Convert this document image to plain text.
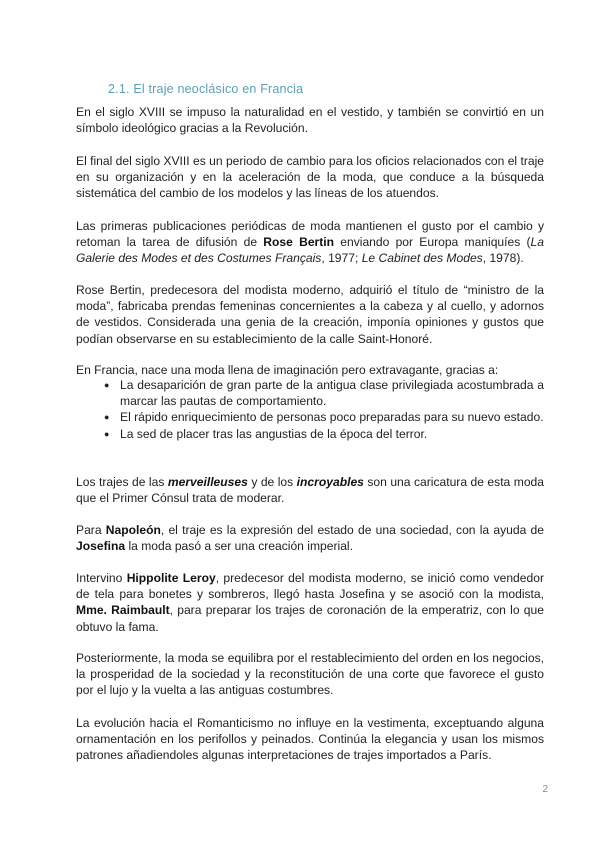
2.1. El traje neoclásico en Francia

En el siglo XVIII se impuso la naturalidad en el vestido, y también se convirtió en un símbolo ideológico gracias a la Revolución.

El final del siglo XVIII es un periodo de cambio para los oficios relacionados con el traje en su organización y en la aceleración de la moda, que conduce a la búsqueda sistemática del cambio de los modelos y las líneas de los atuendos.

Las primeras publicaciones periódicas de moda mantienen el gusto por el cambio y retoman la tarea de difusión de Rose Bertin enviando por Europa maniquíes (La Galerie des Modes et des Costumes Français, 1977; Le Cabinet des Modes, 1978).

Rose Bertin, predecesora del modista moderno, adquirió el título de “ministro de la moda”, fabricaba prendas femeninas concernientes a la cabeza y al cuello, y adornos de vestidos. Considerada una genia de la creación, imponía opiniones y gustos que podían observarse en su establecimiento de la calle Saint-Honoré.

En Francia, nace una moda llena de imaginación pero extravagante, gracias a:

● La desaparición de gran parte de la antigua clase privilegiada acostumbrada a marcar las pautas de comportamiento.
● El rápido enriquecimiento de personas poco preparadas para su nuevo estado.
● La sed de placer tras las angustias de la época del terror.

Los trajes de las merveilleuses y de los incroyables son una caricatura de esta moda que el Primer Cónsul trata de moderar.

Para Napoleón, el traje es la expresión del estado de una sociedad, con la ayuda de Josefina la moda pasó a ser una creación imperial.

Intervino Hippolite Leroy, predecesor del modista moderno, se inició como vendedor de tela para bonetes y sombreros, llegó hasta Josefina y se asoció con la modista, Mme. Raimbault, para preparar los trajes de coronación de la emperatriz, con lo que obtuvo la fama.

Posteriormente, la moda se equilibra por el restablecimiento del orden en los negocios, la prosperidad de la sociedad y la reconstitución de una corte que favorece el gusto por el lujo y la vuelta a las antiguas costumbres.

La evolución hacia el Romanticismo no influye en la vestimenta, exceptuando alguna ornamentación en los perifollos y peinados. Continúa la elegancia y usan los mismos patrones añadiendoles algunas interpretaciones de trajes importados a París.

2
